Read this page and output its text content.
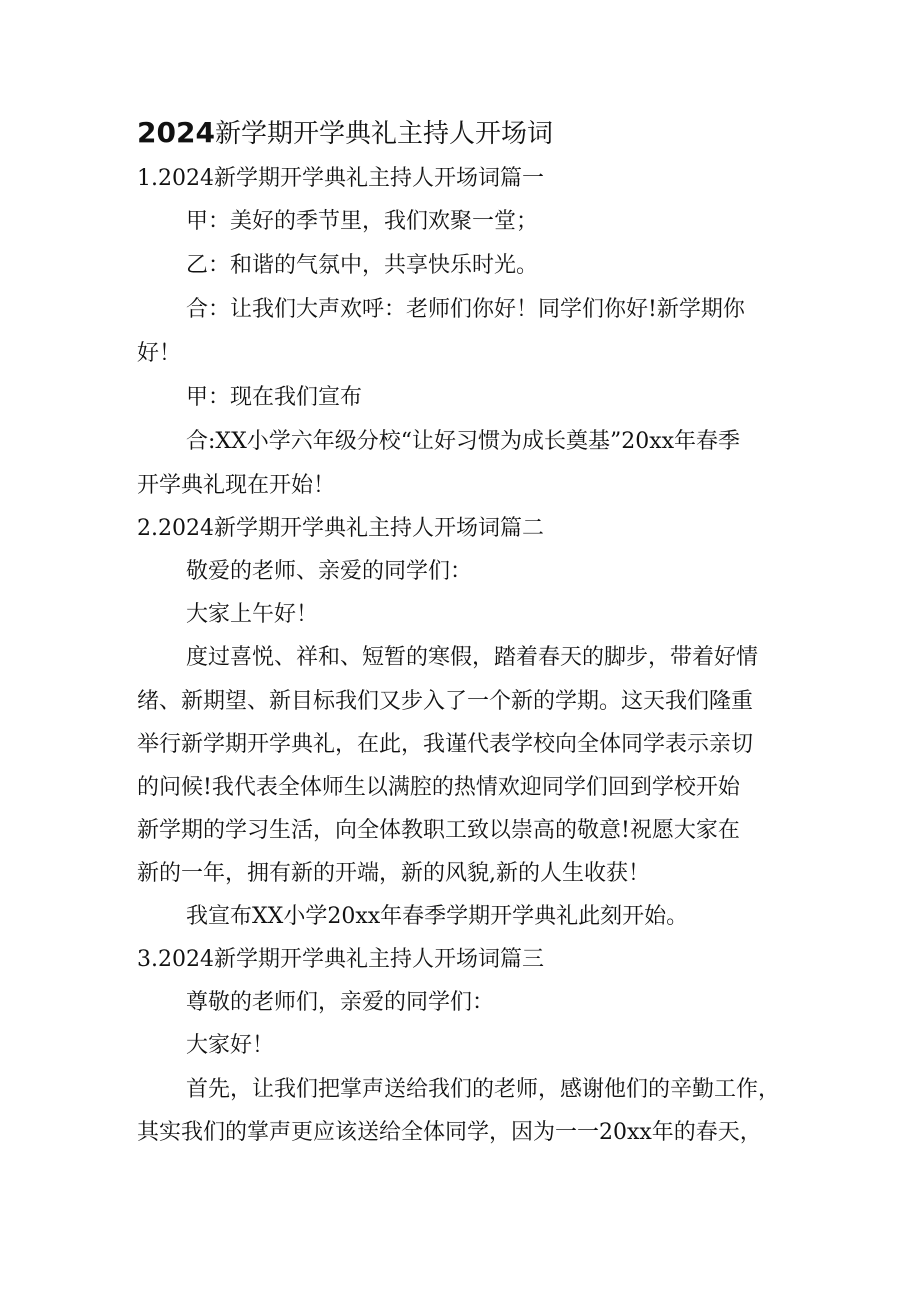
2024新学期开学典礼主持人开场词
1.2024新学期开学典礼主持人开场词篇一
甲：美好的季节里，我们欢聚一堂；
乙：和谐的气氛中，共享快乐时光。
合：让我们大声欢呼：老师们你好！同学们你好!新学期你
好！
甲：现在我们宣布
合:XX小学六年级分校“让好习惯为成长奠基”20xx年春季
开学典礼现在开始！
2.2024新学期开学典礼主持人开场词篇二
敬爱的老师、亲爱的同学们：
大家上午好！
度过喜悦、祥和、短暂的寒假，踏着春天的脚步，带着好情
绪、新期望、新目标我们又步入了一个新的学期。这天我们隆重
举行新学期开学典礼，在此，我谨代表学校向全体同学表示亲切
的问候!我代表全体师生以满腔的热情欢迎同学们回到学校开始
新学期的学习生活，向全体教职工致以崇高的敬意!祝愿大家在
新的一年，拥有新的开端，新的风貌,新的人生收获！
我宣布XX小学20xx年春季学期开学典礼此刻开始。
3.2024新学期开学典礼主持人开场词篇三
尊敬的老师们，亲爱的同学们：
大家好！
首先，让我们把掌声送给我们的老师，感谢他们的辛勤工作，
其实我们的掌声更应该送给全体同学，因为一一20xx年的春天，
